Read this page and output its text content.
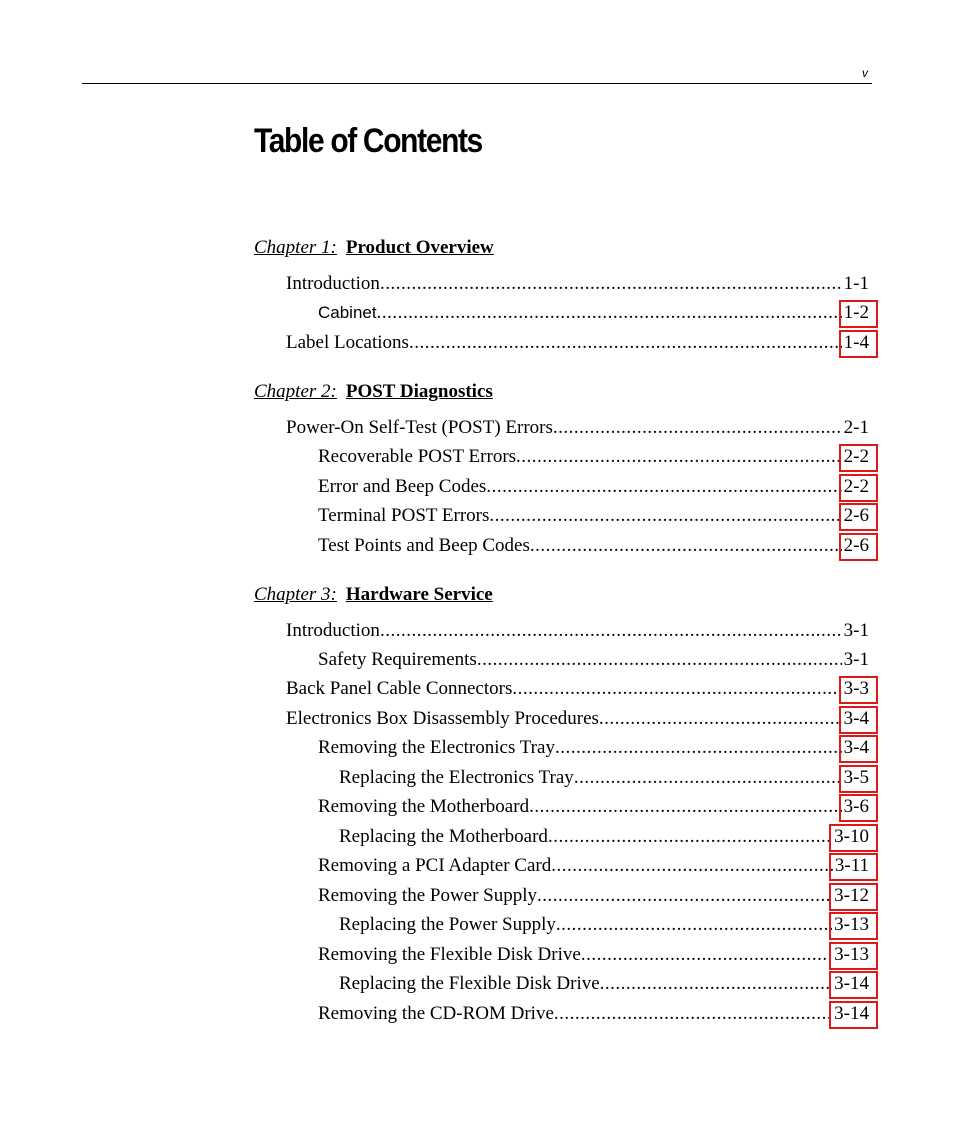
v
Table of Contents
Chapter 1: Product Overview
Introduction .....	1-1
Cabinet .....	1-2
Label Locations .....	1-4
Chapter 2: POST Diagnostics
Power-On Self-Test (POST) Errors .....	2-1
Recoverable POST Errors .....	2-2
Error and Beep Codes .....	2-2
Terminal POST Errors .....	2-6
Test Points and Beep Codes .....	2-6
Chapter 3: Hardware Service
Introduction .....	3-1
Safety Requirements .....	3-1
Back Panel Cable Connectors .....	3-3
Electronics Box Disassembly Procedures .....	3-4
Removing the Electronics Tray .....	3-4
Replacing the Electronics Tray .....	3-5
Removing the Motherboard .....	3-6
Replacing the Motherboard .....	3-10
Removing a PCI Adapter Card .....	3-11
Removing the Power Supply .....	3-12
Replacing the Power Supply .....	3-13
Removing the Flexible Disk Drive .....	3-13
Replacing the Flexible Disk Drive .....	3-14
Removing the CD-ROM Drive .....	3-14
